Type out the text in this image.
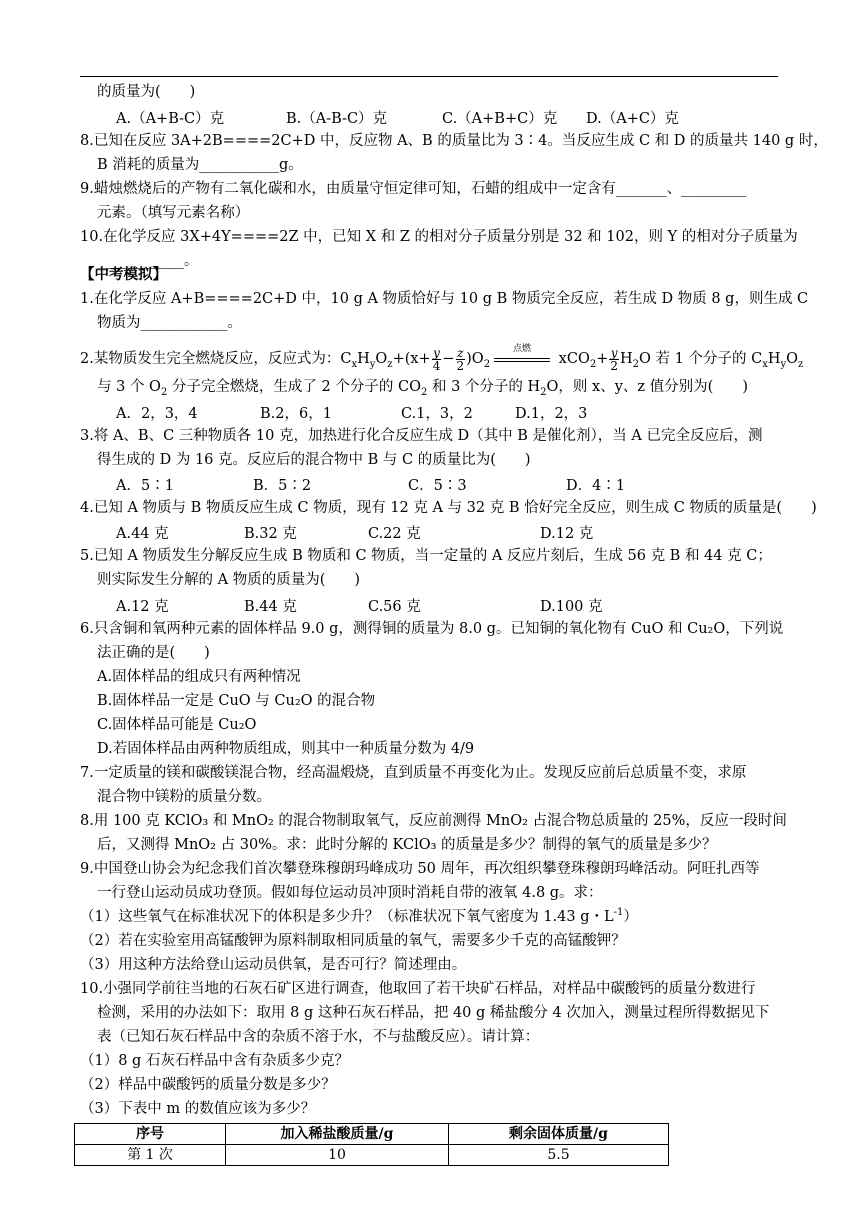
的质量为(　　)
A.（A+B-C）克	B.（A-B-C）克	C.（A+B+C）克 D.（A+C）克
8.已知在反应 3A+2B====2C+D 中，反应物 A、B 的质量比为 3∶4。当反应生成 C 和 D 的质量共 140 g 时，
B 消耗的质量为___________g。
9.蜡烛燃烧后的产物有二氧化碳和水，由质量守恒定律可知，石蜡的组成中一定含有_______、_________
元素。（填写元素名称）
10.在化学反应 3X+4Y====2Z 中，已知 X 和 Z 的相对分子质量分别是 32 和 102，则 Y 的相对分子质量为
____________。
【中考模拟】
1.在化学反应 A+B====2C+D 中，10 g A 物质恰好与 10 g B 物质完全反应，若生成 D 物质 8 g，则生成 C
物质为____________。
2.某物质发生完全燃烧反应，反应式为：$C_xH_yO_z+(x+ \frac{y}{4} - \frac{z}{2} )O_2$
点燃
$xCO_2+ \frac{y}{2} H_2O$ 若 1 个分子的 $C_xH_yO_z$
与 3 个 $O_2$ 分子完全燃烧，生成了 2 个分子的 $CO_2$ 和 3 个分子的 $H_2O$，则 x、y、z 值分别为(　　)
A．2，3，4	B.2，6，1	C.1，3，2	D.1，2，3
3.将 A、B、C 三种物质各 10 克，加热进行化合反应生成 D（其中 B 是催化剂），当 A 已完全反应后，测
得生成的 D 为 16 克。反应后的混合物中 B 与 C 的质量比为(　　)
A．5∶1	B．5∶2	C．5∶3	D．4∶1
4.已知 A 物质与 B 物质反应生成 C 物质，现有 12 克 A 与 32 克 B 恰好完全反应，则生成 C 物质的质量是(　　)
A.44 克	B.32 克	C.22 克	D.12 克
5.已知 A 物质发生分解反应生成 B 物质和 C 物质，当一定量的 A 反应片刻后，生成 56 克 B 和 44 克 C；
则实际发生分解的 A 物质的质量为(　　)
A.12 克	B.44 克	C.56 克	D.100 克
6.只含铜和氧两种元素的固体样品 9.0 g，测得铜的质量为 8.0 g。已知铜的氧化物有 CuO 和 Cu₂O，下列说
法正确的是(　　)
A.固体样品的组成只有两种情况
B.固体样品一定是 CuO 与 Cu₂O 的混合物
C.固体样品可能是 Cu₂O
D.若固体样品由两种物质组成，则其中一种质量分数为 4/9
7.一定质量的镁和碳酸镁混合物，经高温煅烧，直到质量不再变化为止。发现反应前后总质量不变，求原
混合物中镁粉的质量分数。
8.用 100 克 KClO₃ 和 MnO₂ 的混合物制取氧气，反应前测得 MnO₂ 占混合物总质量的 25%，反应一段时间
后，又测得 MnO₂ 占 30%。求：此时分解的 KClO₃ 的质量是多少？制得的氧气的质量是多少？
9.中国登山协会为纪念我们首次攀登珠穆朗玛峰成功 50 周年，再次组织攀登珠穆朗玛峰活动。阿旺扎西等
一行登山运动员成功登顶。假如每位运动员冲顶时消耗自带的液氧 4.8 g。求：
（1）这些氧气在标准状况下的体积是多少升？（标准状况下氧气密度为 1.43 g・$L^{-1}$）
（2）若在实验室用高锰酸钾为原料制取相同质量的氧气，需要多少千克的高锰酸钾？
（3）用这种方法给登山运动员供氧，是否可行？简述理由。
10.小强同学前往当地的石灰石矿区进行调查，他取回了若干块矿石样品，对样品中碳酸钙的质量分数进行
检测，采用的办法如下：取用 8 g 这种石灰石样品，把 40 g 稀盐酸分 4 次加入，测量过程所得数据见下
表（已知石灰石样品中含的杂质不溶于水，不与盐酸反应）。请计算：
（1）8 g 石灰石样品中含有杂质多少克？
（2）样品中碳酸钙的质量分数是多少？
（3）下表中 m 的数值应该为多少？
序号	加入稀盐酸质量/g	剩余固体质量/g
第 1 次	10	5.5
